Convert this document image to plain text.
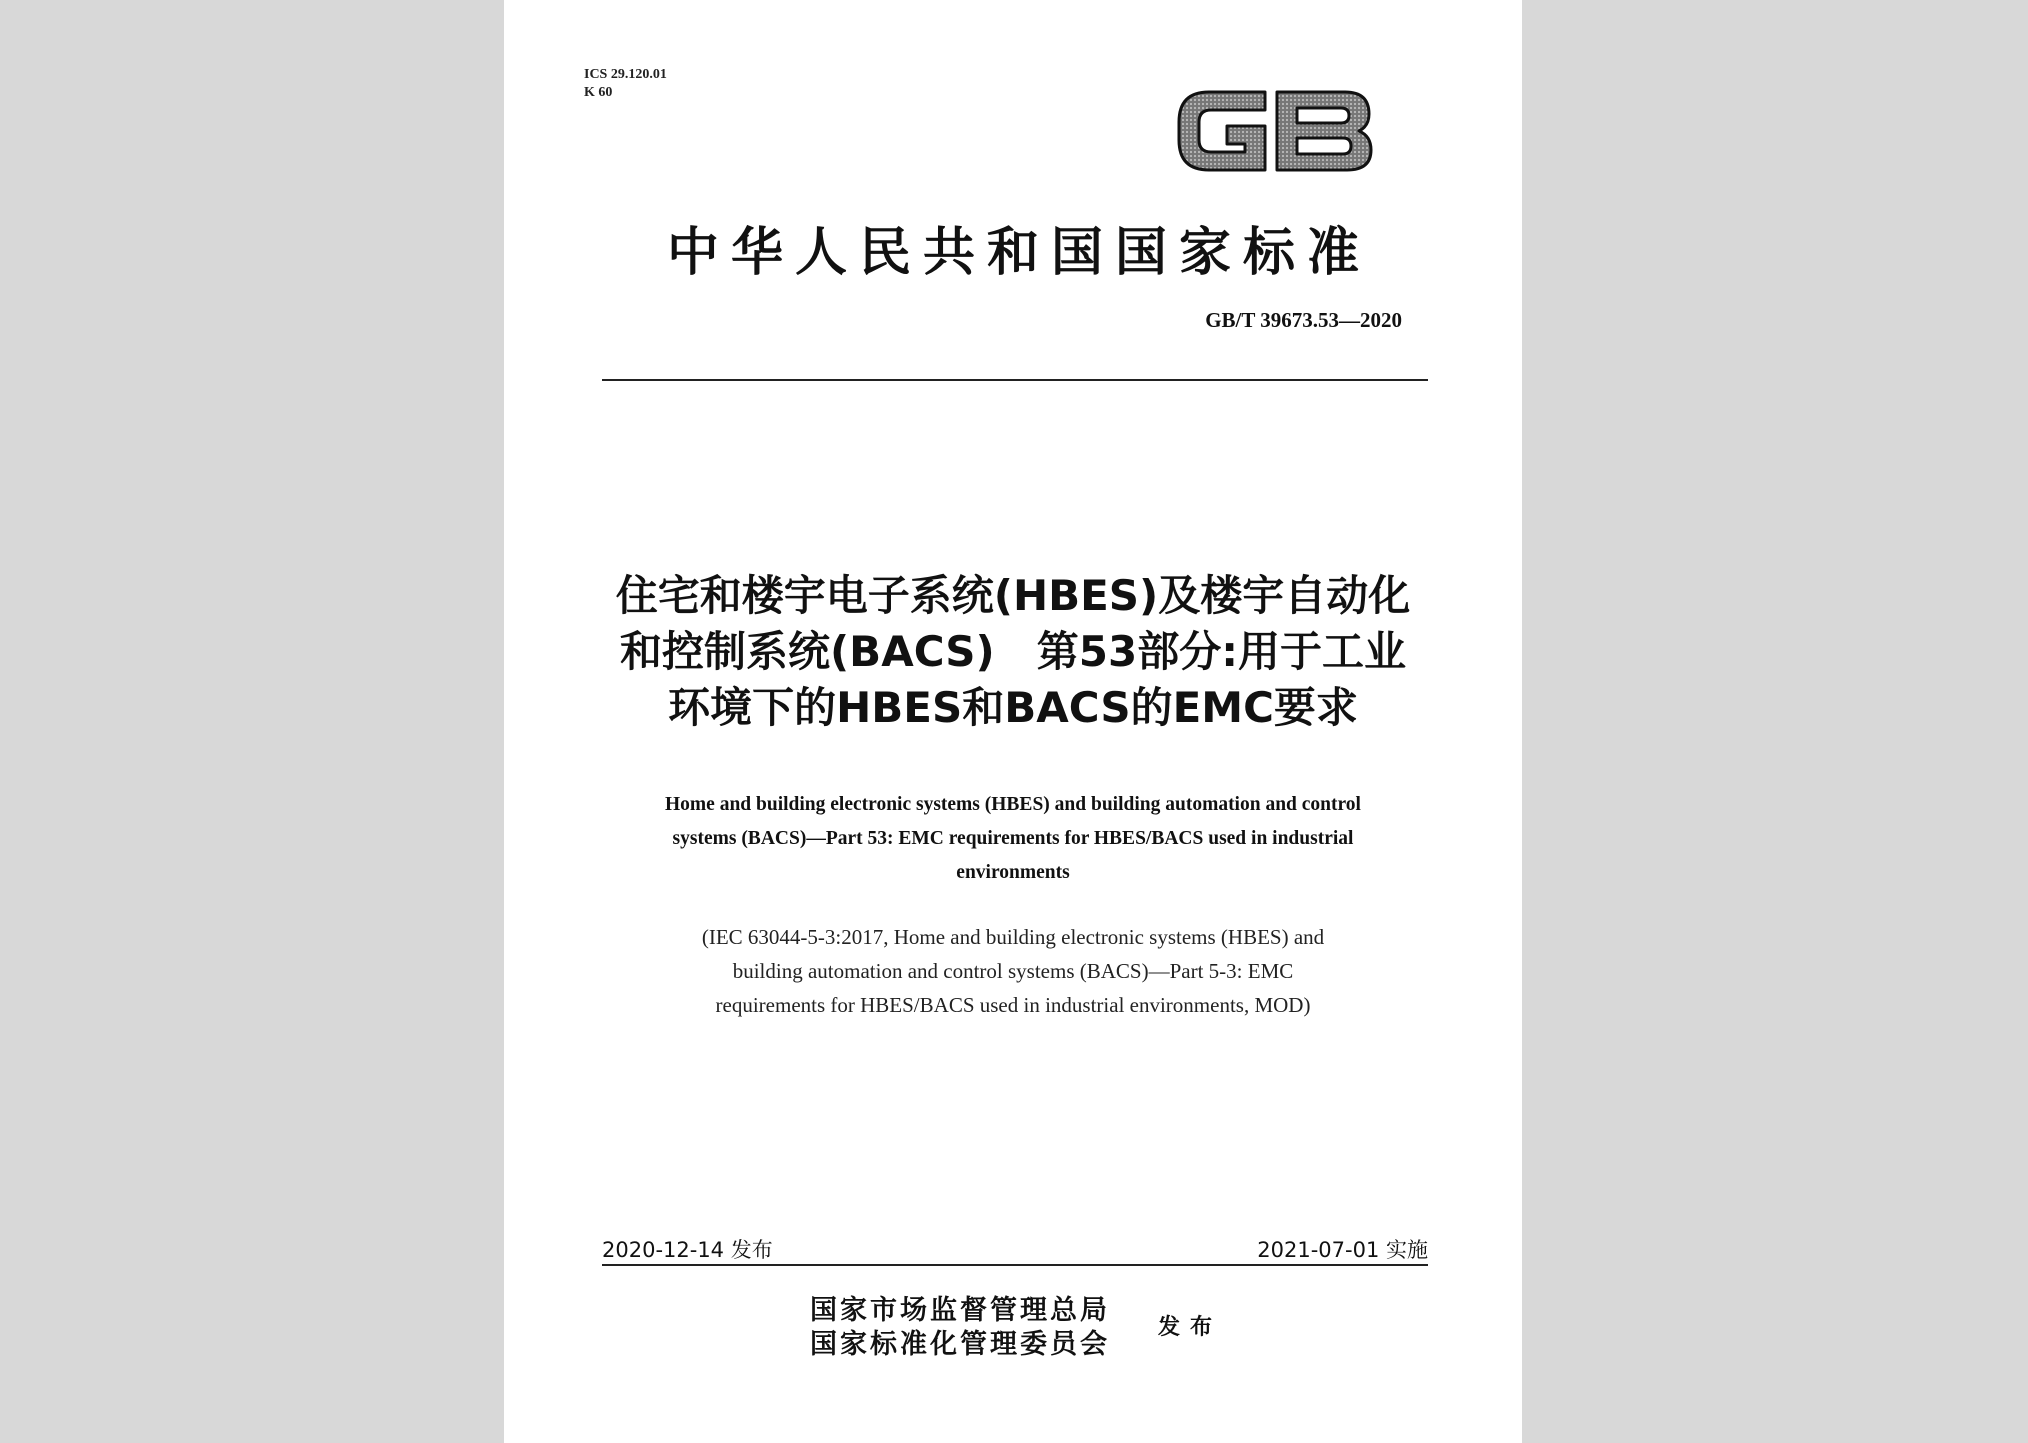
ICS 29.120.01
K 60
中华人民共和国国家标准
GB/T 39673.53—2020
住宅和楼宇电子系统(HBES)及楼宇自动化
和控制系统(BACS)　第53部分:用于工业
环境下的HBES和BACS的EMC要求
Home and building electronic systems (HBES) and building automation and control
systems (BACS)—Part 53: EMC requirements for HBES/BACS used in industrial
environments
(IEC 63044-5-3:2017, Home and building electronic systems (HBES) and
building automation and control systems (BACS)—Part 5-3: EMC
requirements for HBES/BACS used in industrial environments, MOD)
2020-12-14 发布	2021-07-01 实施
国家市场监督管理总局
国家标准化管理委员会
发布
